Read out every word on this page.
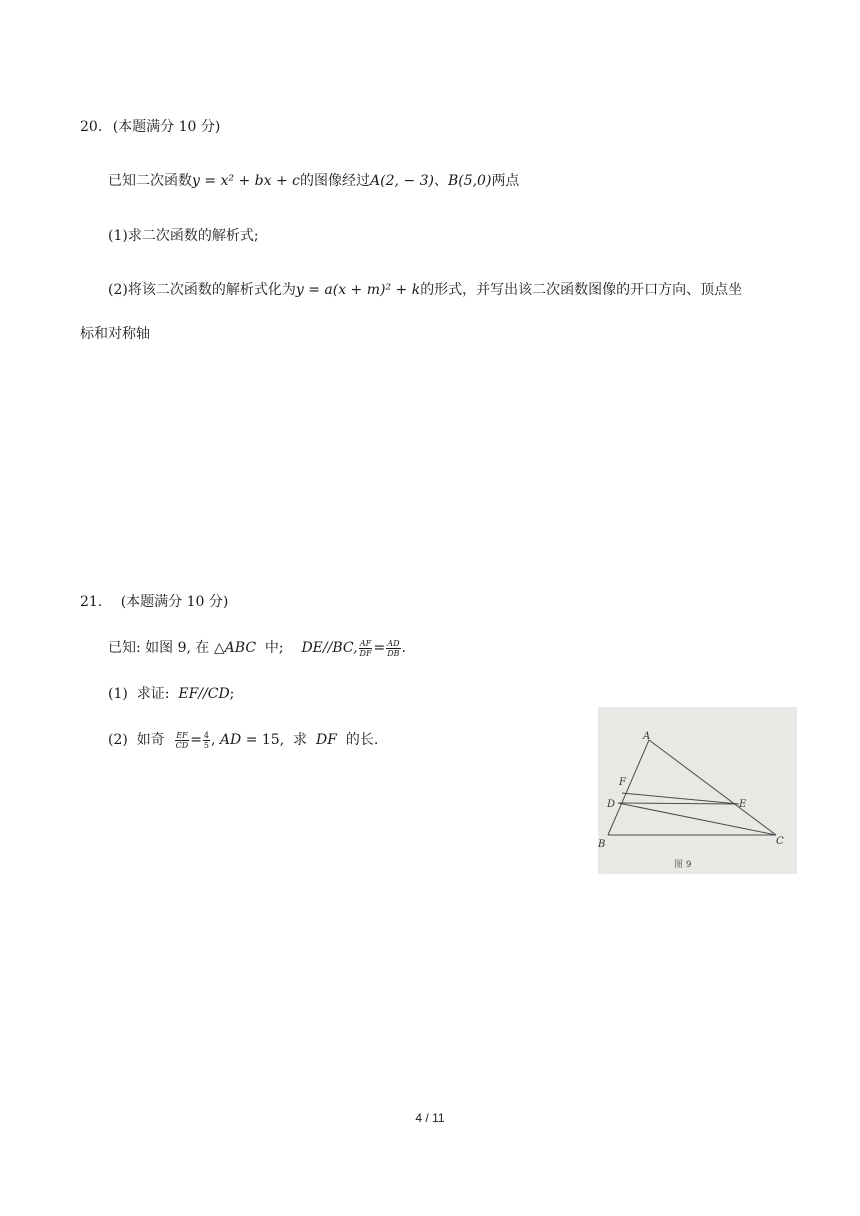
20. (本题满分 10 分)
已知二次函数y = x² + bx + c的图像经过A(2, − 3)、B(5,0)两点
(1)求二次函数的解析式;
(2)将该二次函数的解析式化为y = a(x + m)² + k的形式，并写出该二次函数图像的开口方向、顶点坐
标和对称轴
21. (本题满分 10 分)
已知: 如图 9, 在 △ABC  中;    DE//BC, $\frac{AF}{DF} = \frac{AD}{DB}$ .
(1)  求证:  EF//CD;
(2)  如奇 $\frac{EF}{CD} = \frac{4}{5}$ , AD = 15,  求  DF  的长.	A
F
D	E
B	C
图 9
4 / 11
